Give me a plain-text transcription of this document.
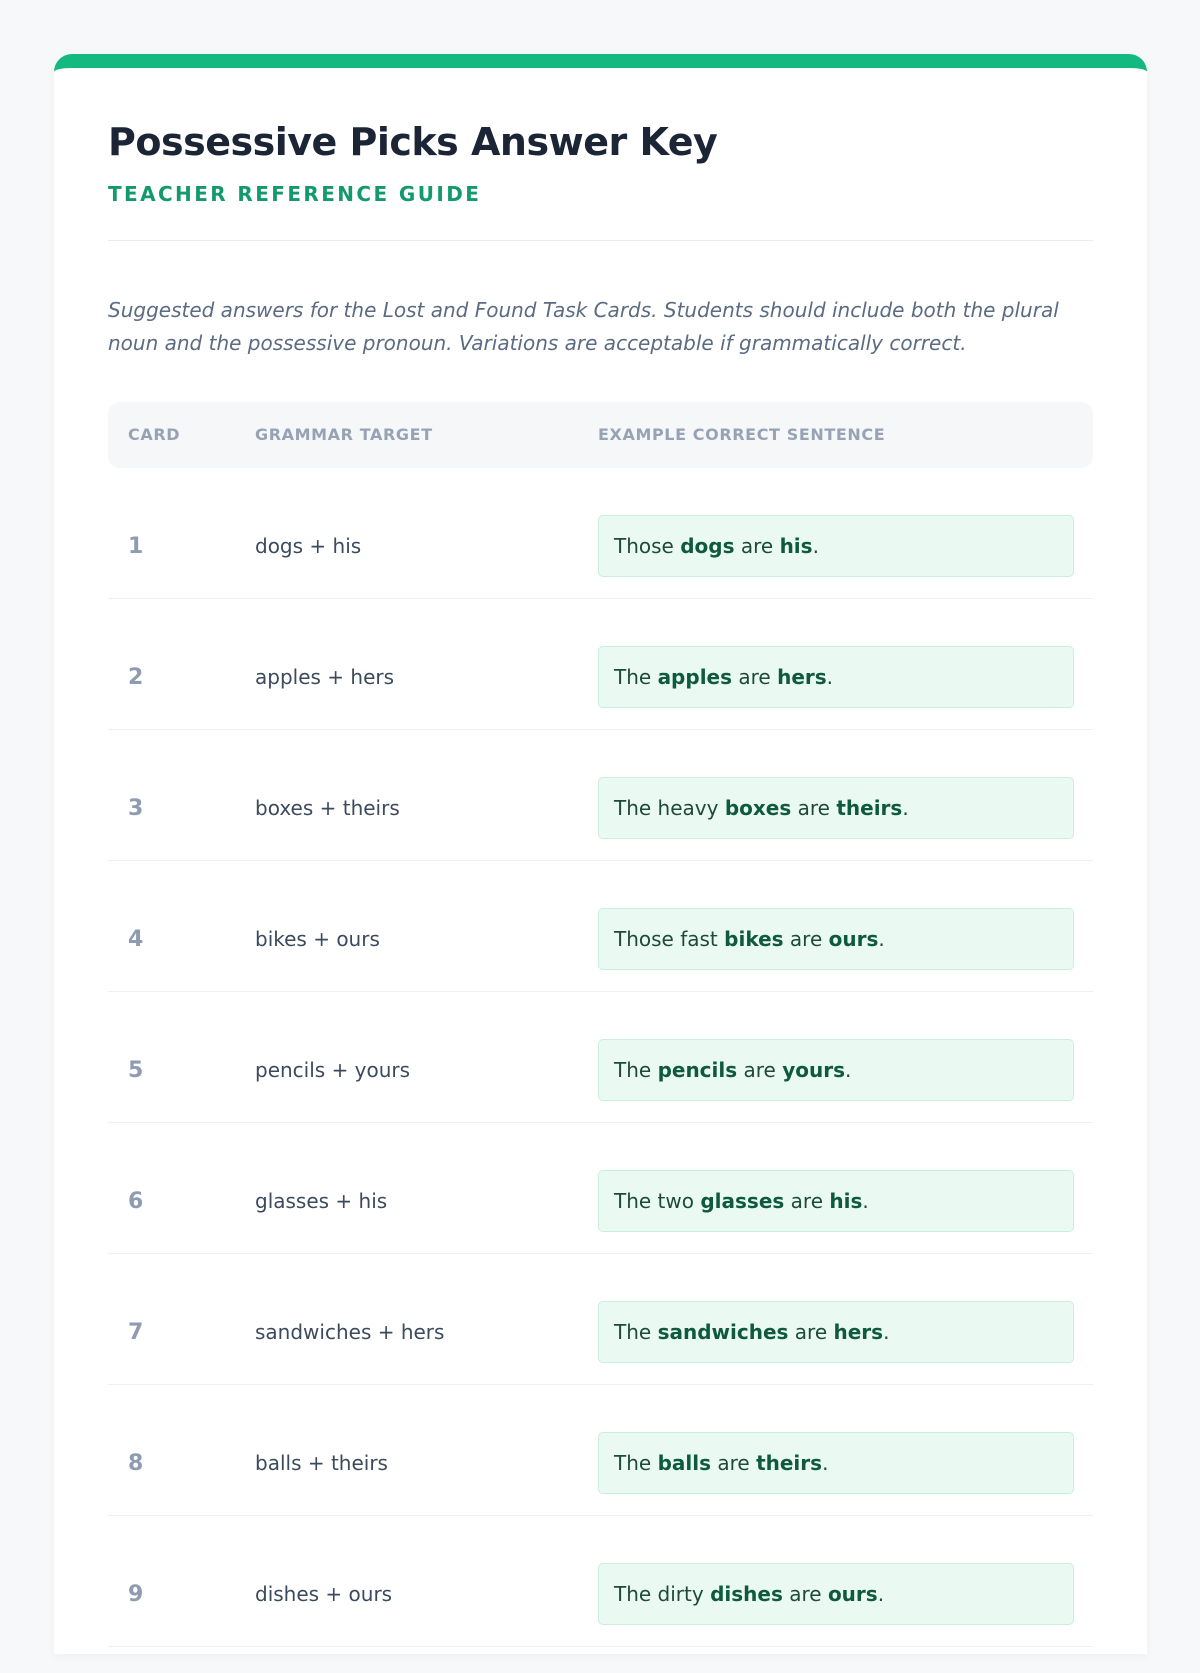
Possessive Picks Answer Key
TEACHER REFERENCE GUIDE

Suggested answers for the Lost and Found Task Cards. Students should include both the plural noun and the possessive pronoun. Variations are acceptable if grammatically correct.

CARD	GRAMMAR TARGET	EXAMPLE CORRECT SENTENCE
1	dogs + his	Those dogs are his.
2	apples + hers	The apples are hers.
3	boxes + theirs	The heavy boxes are theirs.
4	bikes + ours	Those fast bikes are ours.
5	pencils + yours	The pencils are yours.
6	glasses + his	The two glasses are his.
7	sandwiches + hers	The sandwiches are hers.
8	balls + theirs	The balls are theirs.
9	dishes + ours	The dirty dishes are ours.
